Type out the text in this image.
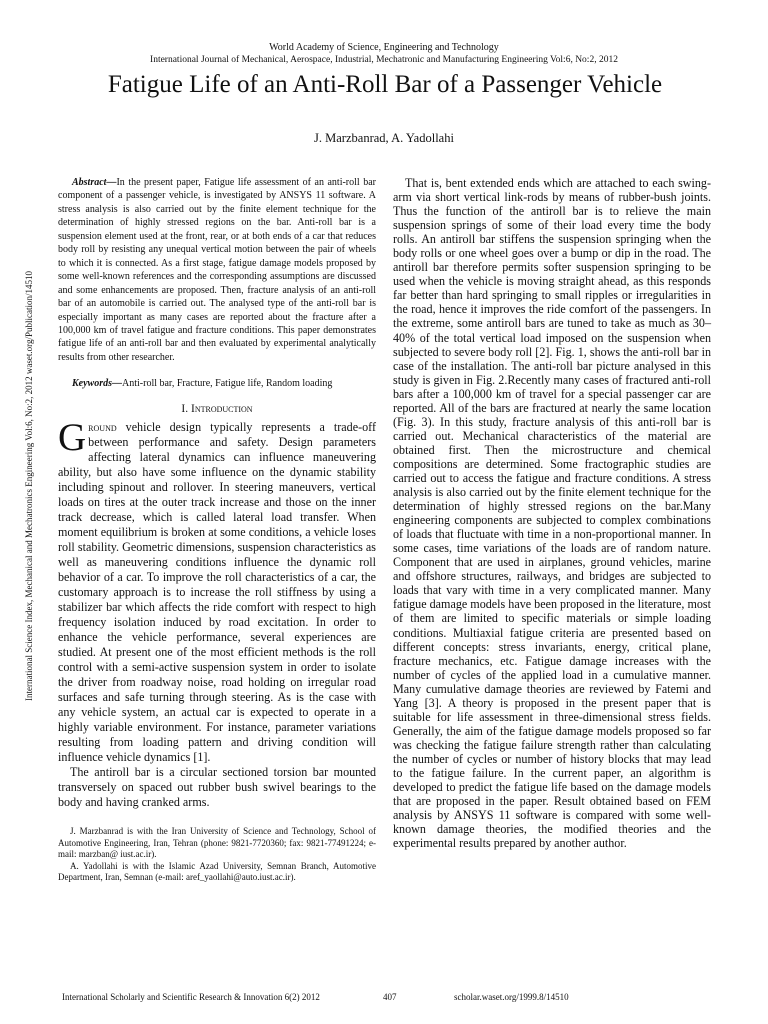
World Academy of Science, Engineering and Technology
International Journal of Mechanical, Aerospace, Industrial, Mechatronic and Manufacturing Engineering Vol:6, No:2, 2012
Fatigue Life of an Anti-Roll Bar of a Passenger Vehicle
J. Marzbanrad, A. Yadollahi
International Science Index, Mechanical and Mechatronics Engineering Vol:6, No:2, 2012 waset.org/Publication/14510

Abstract—In the present paper, Fatigue life assessment of an anti-roll bar component of a passenger vehicle, is investigated by ANSYS 11 software. A stress analysis is also carried out by the finite element technique for the determination of highly stressed regions on the bar. Anti-roll bar is a suspension element used at the front, rear, or at both ends of a car that reduces body roll by resisting any unequal vertical motion between the pair of wheels to which it is connected. As a first stage, fatigue damage models proposed by some well-known references and the corresponding assumptions are discussed and some enhancements are proposed. Then, fracture analysis of an anti-roll bar of an automobile is carried out. The analysed type of the anti-roll bar is especially important as many cases are reported about the fracture after a 100,000 km of travel fatigue and fracture conditions. This paper demonstrates fatigue life of an anti-roll bar and then evaluated by experimental analytically results from other researcher.

Keywords—Anti-roll bar, Fracture, Fatigue life, Random loading

I. Introduction

Ground vehicle design typically represents a trade-off between performance and safety. Design parameters affecting lateral dynamics can influence maneuvering ability, but also have some influence on the dynamic stability including spinout and rollover. In steering maneuvers, vertical loads on tires at the outer track increase and those on the inner track decrease, which is called lateral load transfer. When moment equilibrium is broken at some conditions, a vehicle loses roll stability. Geometric dimensions, suspension characteristics as well as maneuvering conditions influence the dynamic roll behavior of a car. To improve the roll characteristics of a car, the customary approach is to increase the roll stiffness by using a stabilizer bar which affects the ride comfort with respect to high frequency isolation induced by road excitation. In order to enhance the vehicle performance, several experiences are studied. At present one of the most efficient methods is the roll control with a semi-active suspension system in order to isolate the driver from roadway noise, road holding on irregular road surfaces and safe turning through steering. As is the case with any vehicle system, an actual car is expected to operate in a highly variable environment. For instance, parameter variations resulting from loading pattern and driving condition will influence vehicle dynamics [1].

The antiroll bar is a circular sectioned torsion bar mounted transversely on spaced out rubber bush swivel bearings to the body and having cranked arms.

J. Marzbanrad is with the Iran University of Science and Technology, School of Automotive Engineering, Iran, Tehran (phone: 9821-7720360; fax: 9821-77491224; e-mail: marzban@ iust.ac.ir).

A. Yadollahi is with the Islamic Azad University, Semnan Branch, Automotive Department, Iran, Semnan (e-mail: aref_yaollahi@auto.iust.ac.ir).

That is, bent extended ends which are attached to each swing-arm via short vertical link-rods by means of rubber-bush joints. Thus the function of the antiroll bar is to relieve the main suspension springs of some of their load every time the body rolls. An antiroll bar stiffens the suspension springing when the body rolls or one wheel goes over a bump or dip in the road. The antiroll bar therefore permits softer suspension springing to be used when the vehicle is moving straight ahead, as this responds far better than hard springing to small ripples or irregularities in the road, hence it improves the ride comfort of the passengers. In the extreme, some antiroll bars are tuned to take as much as 30–40% of the total vertical load imposed on the suspension when subjected to severe body roll [2]. Fig. 1, shows the anti-roll bar in case of the installation. The anti-roll bar picture analysed in this study is given in Fig. 2.Recently many cases of fractured anti-roll bars after a 100,000 km of travel for a special passenger car are reported. All of the bars are fractured at nearly the same location (Fig. 3). In this study, fracture analysis of this anti-roll bar is carried out. Mechanical characteristics of the material are obtained first. Then the microstructure and chemical compositions are determined. Some fractographic studies are carried out to access the fatigue and fracture conditions. A stress analysis is also carried out by the finite element technique for the determination of highly stressed regions on the bar.Many engineering components are subjected to complex combinations of loads that fluctuate with time in a non-proportional manner. In some cases, time variations of the loads are of random nature. Component that are used in airplanes, ground vehicles, marine and offshore structures, railways, and bridges are subjected to loads that vary with time in a very complicated manner. Many fatigue damage models have been proposed in the literature, most of them are limited to specific materials or simple loading conditions. Multiaxial fatigue criteria are presented based on different concepts: stress invariants, energy, critical plane, fracture mechanics, etc. Fatigue damage increases with the number of cycles of the applied load in a cumulative manner. Many cumulative damage theories are reviewed by Fatemi and Yang [3]. A theory is proposed in the present paper that is suitable for life assessment in three-dimensional stress fields. Generally, the aim of the fatigue damage models proposed so far was checking the fatigue failure strength rather than calculating the number of cycles or number of history blocks that may lead to the fatigue failure. In the current paper, an algorithm is developed to predict the fatigue life based on the damage models that are proposed in the paper. Result obtained based on FEM analysis by ANSYS 11 software is compared with some well-known damage theories, the modified theories and the experimental results prepared by another author.

International Scholarly and Scientific Research & Innovation 6(2) 2012	407	scholar.waset.org/1999.8/14510
